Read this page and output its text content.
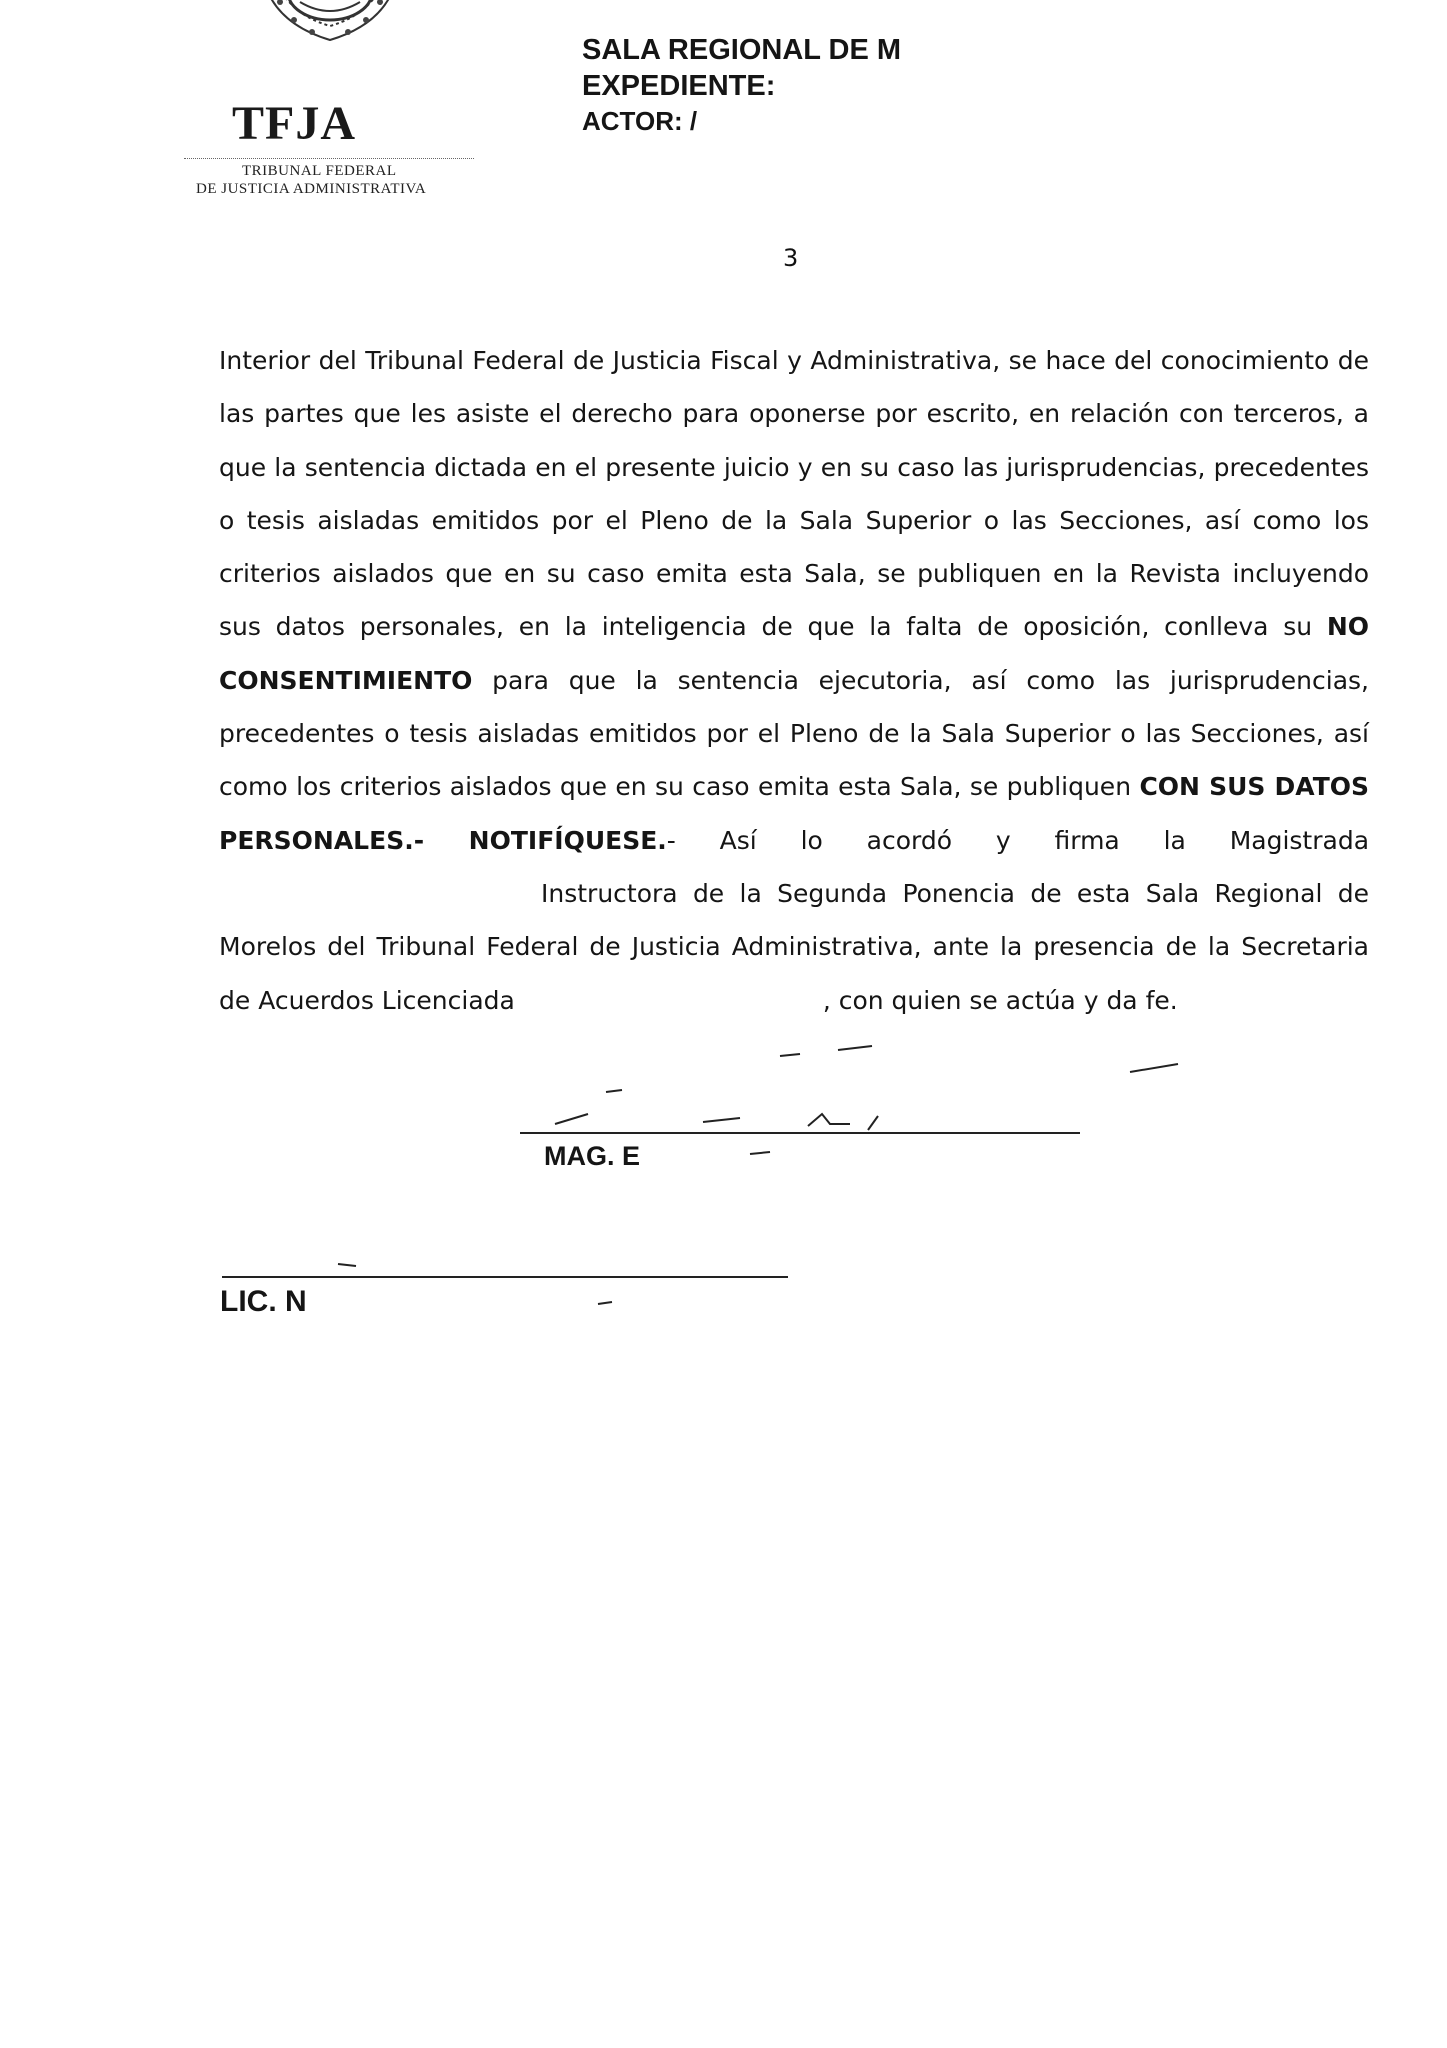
TFJA
TRIBUNAL FEDERAL
DE JUSTICIA ADMINISTRATIVA
SALA REGIONAL DE M
EXPEDIENTE:
ACTOR: /
3
Interior del Tribunal Federal de Justicia Fiscal y Administrativa, se hace del conocimiento de las partes que les asiste el derecho para oponerse por escrito, en relación con terceros, a que la sentencia dictada en el presente juicio y en su caso las jurisprudencias, precedentes o tesis aisladas emitidos por el Pleno de la Sala Superior o las Secciones, así como los criterios aislados que en su caso emita esta Sala, se publiquen en la Revista incluyendo sus datos personales, en la inteligencia de que la falta de oposición, conlleva su NO CONSENTIMIENTO para que la sentencia ejecutoria, así como las jurisprudencias, precedentes o tesis aisladas emitidos por el Pleno de la Sala Superior o las Secciones, así como los criterios aislados que en su caso emita esta Sala, se publiquen CON SUS DATOS PERSONALES.- NOTIFÍQUESE.- Así lo acordó y firma la Magistrada Instructora de la Segunda Ponencia de esta Sala Regional de Morelos del Tribunal Federal de Justicia Administrativa, ante la presencia de la Secretaria de Acuerdos Licenciada	, con quien se actúa y da fe.
MAG. E
LIC. N
